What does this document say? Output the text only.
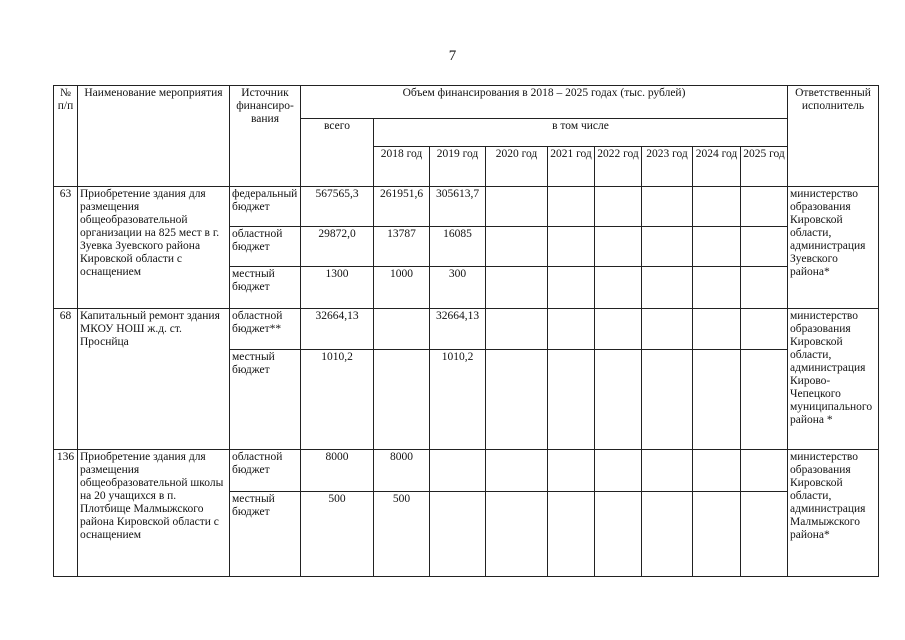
7
№ п/п	Наименование мероприятия	Источник финансиро-вания	Объем финансирования в 2018 – 2025 годах (тыс. рублей)									Ответственный исполнитель
			всего	в том числе								
				2018 год	2019 год	2020 год	2021 год	2022 год	2023 год	2024 год	2025 год	
63	Приобретение здания для размещения общеобразовательной организации на 825 мест в г. Зуевка Зуевского района Кировской области с оснащением	федеральный бюджет	567565,3	261951,6	305613,7							министерство образования Кировской области, администрация Зуевского района*
		областной бюджет	29872,0	13787	16085							
		местный бюджет	1300	1000	300							
68	Капитальный ремонт здания МКОУ НОШ ж.д. ст. Проснйца	областной бюджет**	32664,13		32664,13							министерство образования Кировской области, администрация Кирово-Чепецкого муниципального района *
		местный бюджет	1010,2		1010,2							
136	Приобретение здания для размещения общеобразовательной школы на 20 учащихся в п. Плотбище Малмыжского района Кировской области с оснащением	областной бюджет	8000	8000								министерство образования Кировской области, администрация Малмыжского района*
		местный бюджет	500	500								
